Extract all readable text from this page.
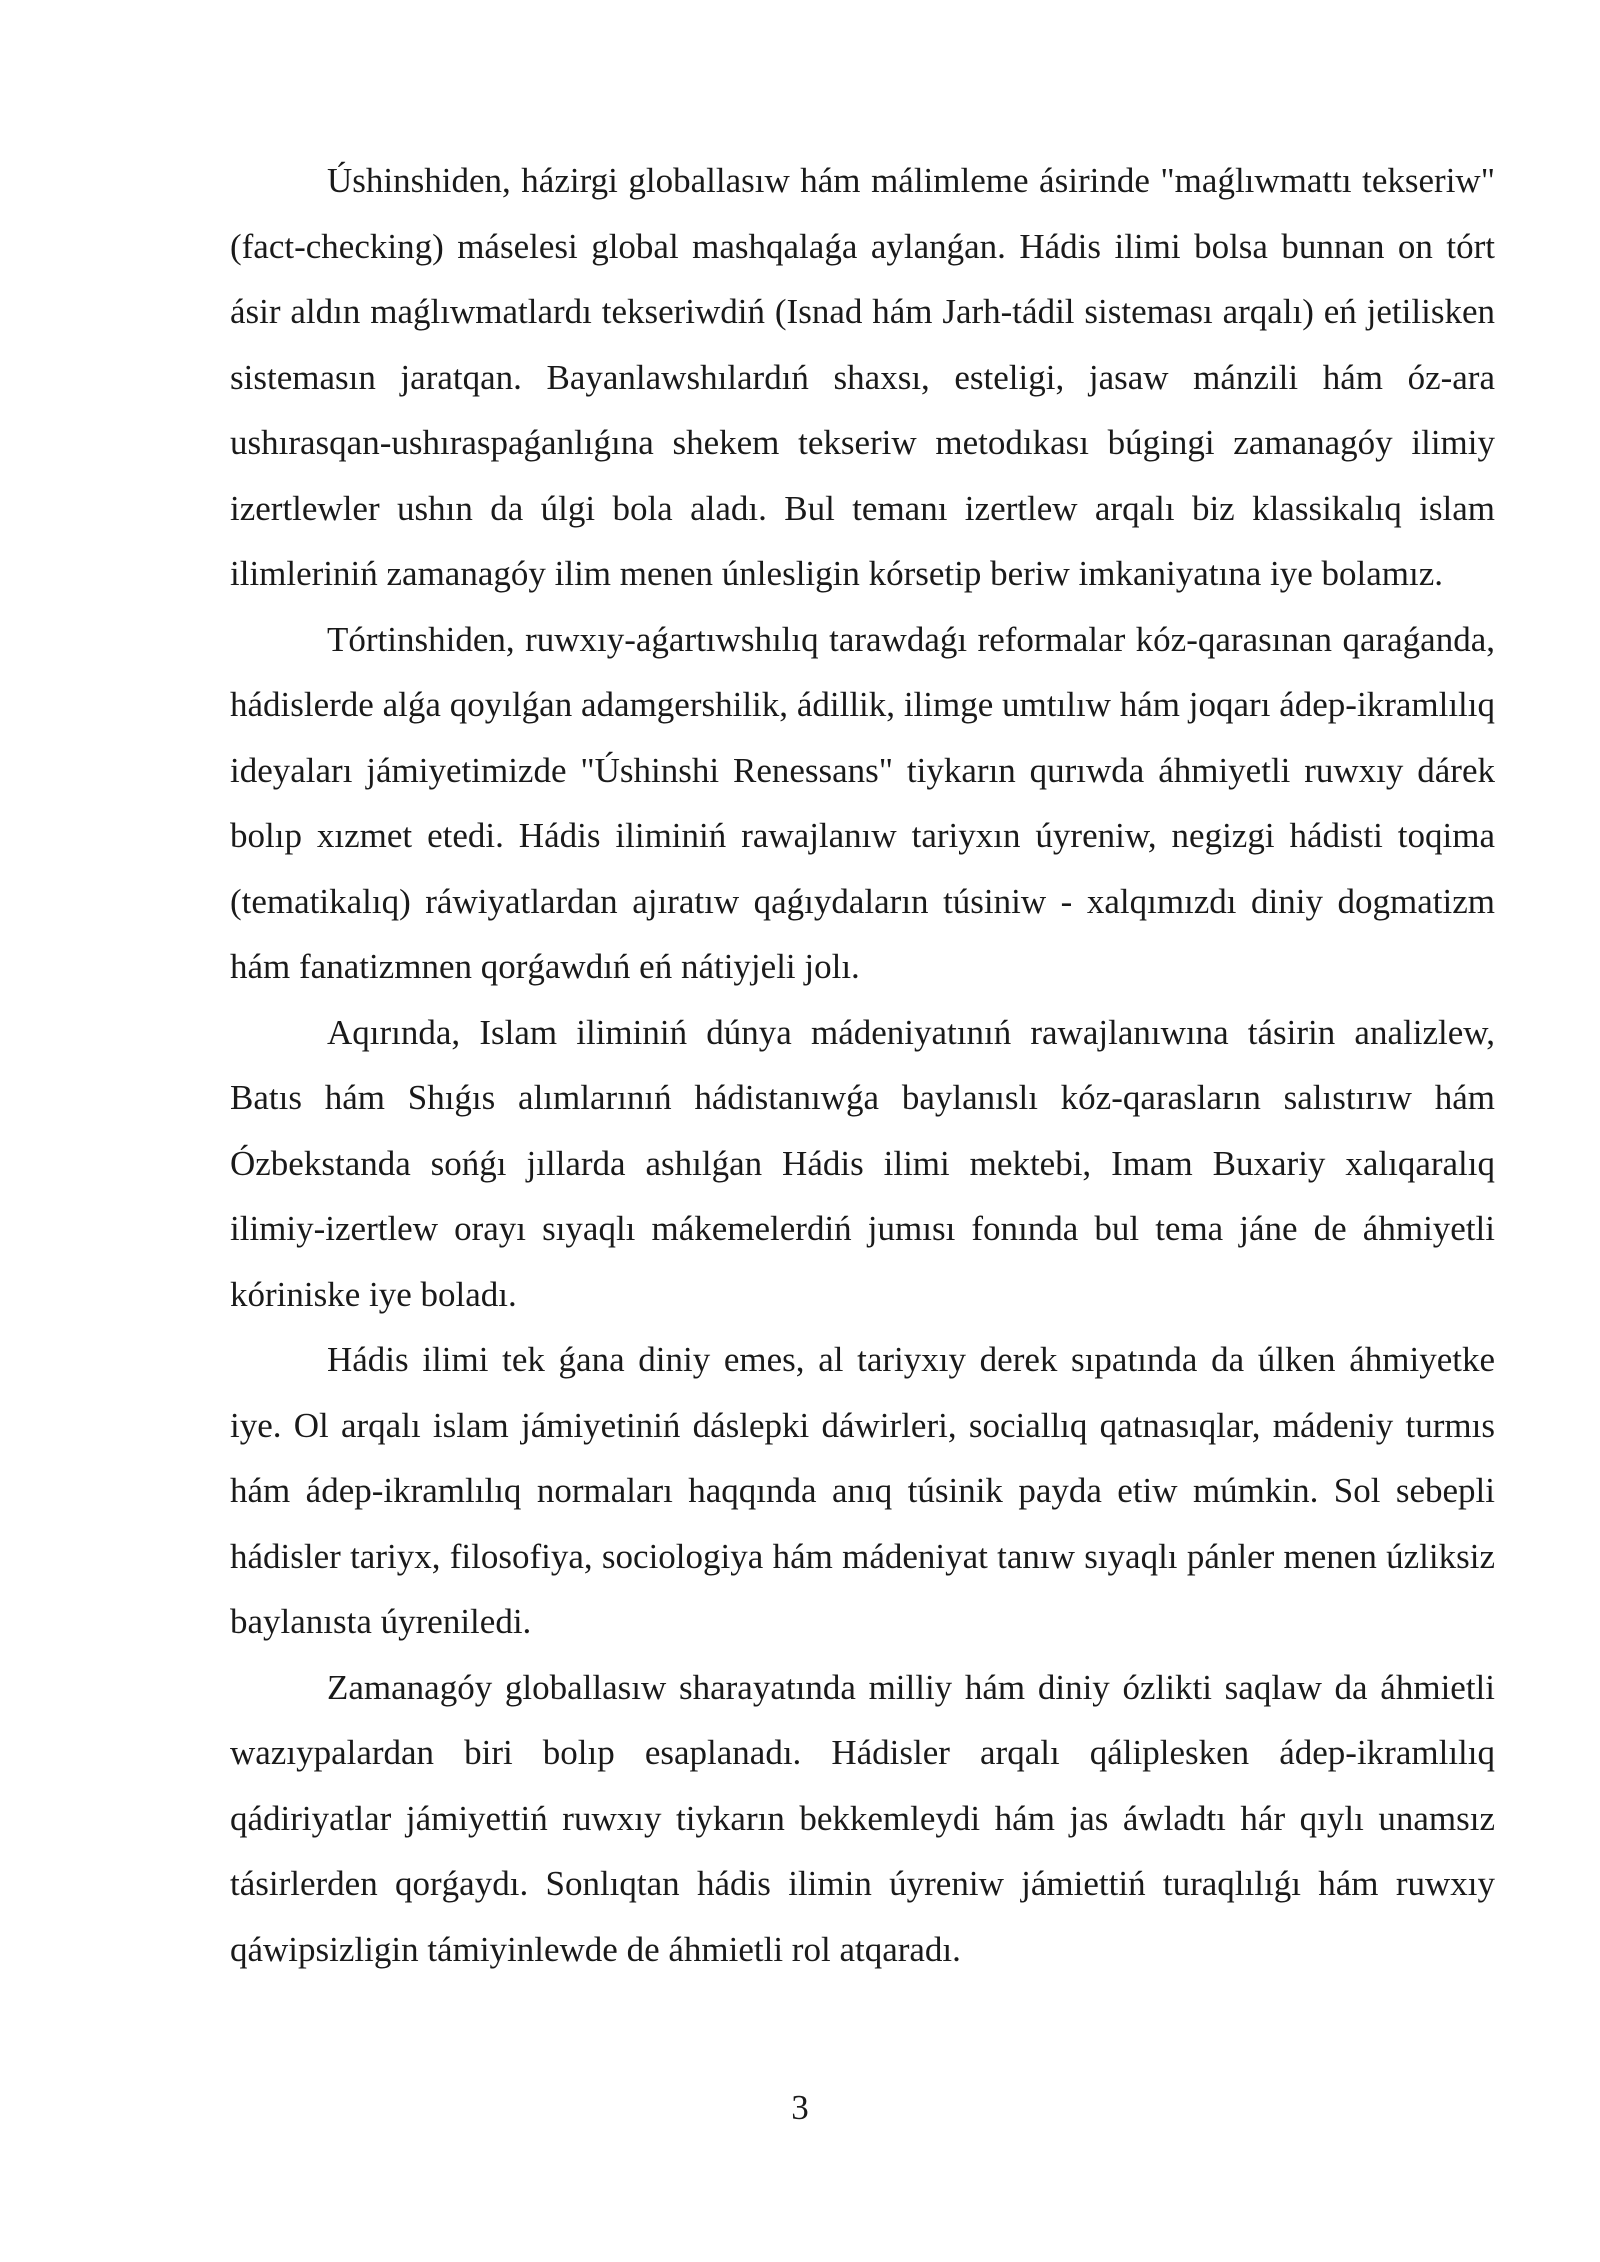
Úshinshiden, házirgi globallasıw hám málimleme ásirinde "maǵlıwmattı tekseriw" (fact-checking) máselesi global mashqalaǵa aylanǵan. Hádis ilimi bolsa bunnan on tórt ásir aldın maǵlıwmatlardı tekseriwdiń (Isnad hám Jarh-tádil sisteması arqalı) eń jetilisken sistemasın jaratqan. Bayanlawshılardıń shaxsı, esteligi, jasaw mánzili hám óz-ara ushırasqan-ushıraspaǵanlıǵına shekem tekseriw metodıkası búgingi zamanagóy ilimiy izertlewler ushın da úlgi bola aladı. Bul temanı izertlew arqalı biz klassikalıq islam ilimleriniń zamanagóy ilim menen únlesligin kórsetip beriw imkaniyatına iye bolamız.

Tórtinshiden, ruwxıy-aǵartıwshılıq tarawdaǵı reformalar kóz-qarasınan qaraǵanda, hádislerde alǵa qoyılǵan adamgershilik, ádillik, ilimge umtılıw hám joqarı ádep-ikramlılıq ideyaları jámiyetimizde "Úshinshi Renessans" tiykarın qurıwda áhmiyetli ruwxıy dárek bolıp xızmet etedi. Hádis iliminiń rawajlanıw tariyxın úyreniw, negizgi hádisti toqima (tematikalıq) ráwiyatlardan ajıratıw qaǵıydaların túsiniw - xalqımızdı diniy dogmatizm hám fanatizmnen qorǵawdıń eń nátiyjeli jolı.

Aqırında, Islam iliminiń dúnya mádeniyatınıń rawajlanıwına tásirin analizlew, Batıs hám Shıǵıs alımlarınıń hádistanıwǵa baylanıslı kóz-qarasların salıstırıw hám Ózbekstanda sońǵı jıllarda ashılǵan Hádis ilimi mektebi, Imam Buxariy xalıqaralıq ilimiy-izertlew orayı sıyaqlı mákemelerdiń jumısı fonında bul tema jáne de áhmiyetli kóriniske iye boladı.

Hádis ilimi tek ǵana diniy emes, al tariyxıy derek sıpatında da úlken áhmiyetke iye. Ol arqalı islam jámiyetiniń dáslepki dáwirleri, sociallıq qatnasıqlar, mádeniy turmıs hám ádep-ikramlılıq normaları haqqında anıq túsinik payda etiw múmkin. Sol sebepli hádisler tariyx, filosofiya, sociologiya hám mádeniyat tanıw sıyaqlı pánler menen úzliksiz baylanısta úyreniledi.

Zamanagóy globallasıw sharayatında milliy hám diniy ózlikti saqlaw da áhmietli wazıypalardan biri bolıp esaplanadı. Hádisler arqalı qáliplesken ádep-ikramlılıq qádiriyatlar jámiyettiń ruwxıy tiykarın bekkemleydi hám jas áwladtı hár qıylı unamsız tásirlerden qorǵaydı. Sonlıqtan hádis ilimin úyreniw jámiettiń turaqlılıǵı hám ruwxıy qáwipsizligin támiyinlewde de áhmietli rol atqaradı.

3
